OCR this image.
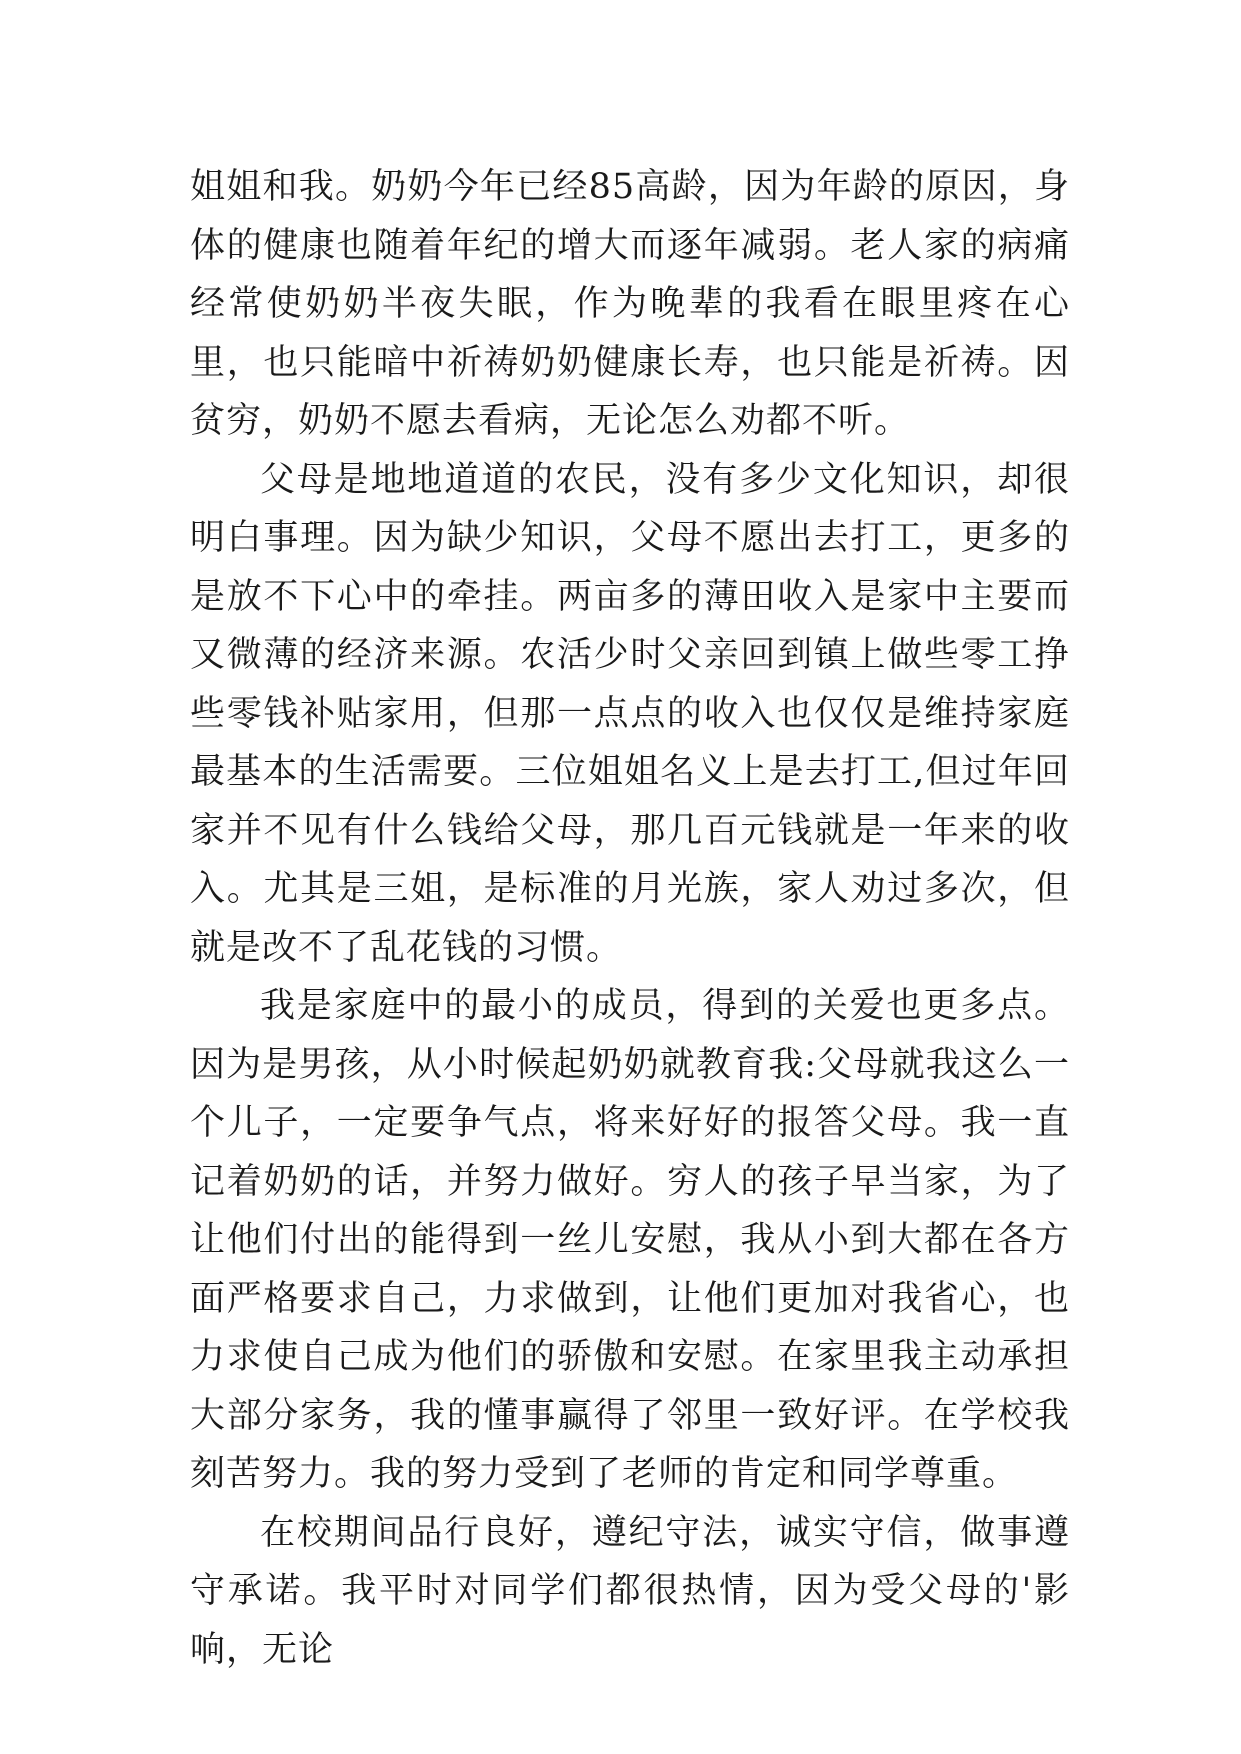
姐姐和我。奶奶今年已经85高龄，因为年龄的原因，身体的健康也随着年纪的增大而逐年减弱。老人家的病痛经常使奶奶半夜失眠，作为晚辈的我看在眼里疼在心里，也只能暗中祈祷奶奶健康长寿，也只能是祈祷。因贫穷，奶奶不愿去看病，无论怎么劝都不听。

父母是地地道道的农民，没有多少文化知识，却很明白事理。因为缺少知识，父母不愿出去打工，更多的是放不下心中的牵挂。两亩多的薄田收入是家中主要而又微薄的经济来源。农活少时父亲回到镇上做些零工挣些零钱补贴家用，但那一点点的收入也仅仅是维持家庭最基本的生活需要。三位姐姐名义上是去打工,但过年回家并不见有什么钱给父母，那几百元钱就是一年来的收入。尤其是三姐，是标准的月光族，家人劝过多次，但就是改不了乱花钱的习惯。

我是家庭中的最小的成员，得到的关爱也更多点。因为是男孩，从小时候起奶奶就教育我:父母就我这么一个儿子，一定要争气点，将来好好的报答父母。我一直记着奶奶的话，并努力做好。穷人的孩子早当家，为了让他们付出的能得到一丝儿安慰，我从小到大都在各方面严格要求自己，力求做到，让他们更加对我省心，也力求使自己成为他们的骄傲和安慰。在家里我主动承担大部分家务，我的懂事赢得了邻里一致好评。在学校我刻苦努力。我的努力受到了老师的肯定和同学尊重。

在校期间品行良好，遵纪守法，诚实守信，做事遵守承诺。我平时对同学们都很热情，因为受父母的'影响，无论
